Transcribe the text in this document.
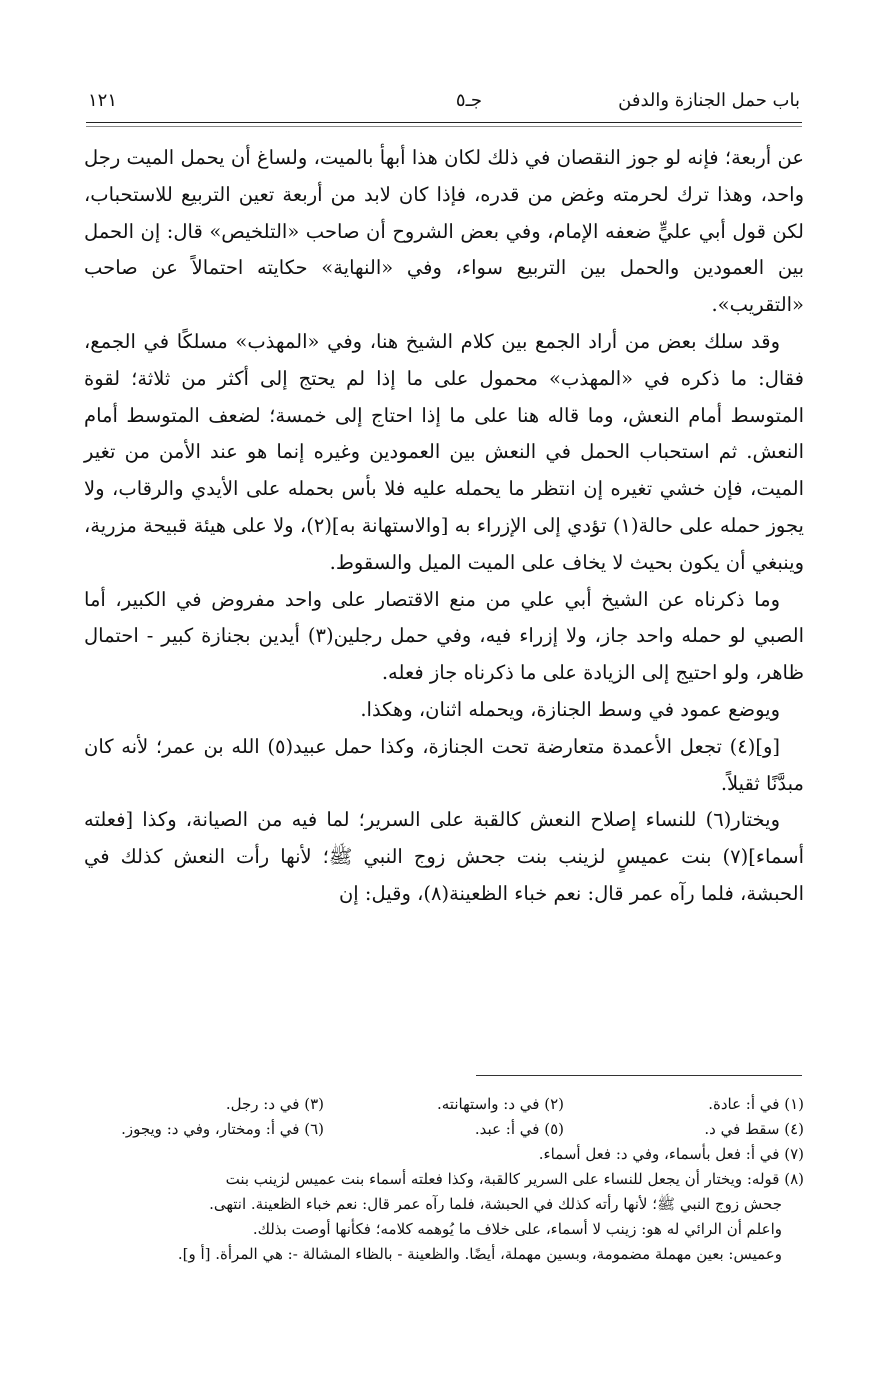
باب حمل الجنازة والدفن
جـ٥
١٢١

عن أربعة؛ فإنه لو جوز النقصان في ذلك لكان هذا أبهأ بالميت، ولساغ أن يحمل الميت رجل واحد، وهذا ترك لحرمته وغض من قدره، فإذا كان لابد من أربعة تعين التربيع للاستحباب، لكن قول أبي عليٍّ ضعفه الإمام، وفي بعض الشروح أن صاحب «التلخيص» قال: إن الحمل بين العمودين والحمل بين التربيع سواء، وفي «النهاية» حكايته احتمالاً عن صاحب «التقريب».

وقد سلك بعض من أراد الجمع بين كلام الشيخ هنا، وفي «المهذب» مسلكًا في الجمع، فقال: ما ذكره في «المهذب» محمول على ما إذا لم يحتج إلى أكثر من ثلاثة؛ لقوة المتوسط أمام النعش، وما قاله هنا على ما إذا احتاج إلى خمسة؛ لضعف المتوسط أمام النعش. ثم استحباب الحمل في النعش بين العمودين وغيره إنما هو عند الأمن من تغير الميت، فإن خشي تغيره إن انتظر ما يحمله عليه فلا بأس بحمله على الأيدي والرقاب، ولا يجوز حمله على حالة(١) تؤدي إلى الإزراء به [والاستهانة به](٢)، ولا على هيئة قبيحة مزرية، وينبغي أن يكون بحيث لا يخاف على الميت الميل والسقوط.

وما ذكرناه عن الشيخ أبي علي من منع الاقتصار على واحد مفروض في الكبير، أما الصبي لو حمله واحد جاز، ولا إزراء فيه، وفي حمل رجلين(٣) أيدين بجنازة كبير - احتمال ظاهر، ولو احتيج إلى الزيادة على ما ذكرناه جاز فعله.

ويوضع عمود في وسط الجنازة، ويحمله اثنان، وهكذا.

[و](٤) تجعل الأعمدة متعارضة تحت الجنازة، وكذا حمل عبيد(٥) الله بن عمر؛ لأنه كان مبدَّنًا ثقيلاً.

ويختار(٦) للنساء إصلاح النعش كالقبة على السرير؛ لما فيه من الصيانة، وكذا [فعلته أسماء](٧) بنت عميسٍ لزينب بنت جحش زوج النبي ﷺ؛ لأنها رأت النعش كذلك في الحبشة، فلما رآه عمر قال: نعم خباء الظعينة(٨)، وقيل: إن

(١) في أ: عادة.
(٢) في د: واستهانته.
(٣) في د: رجل.
(٤) سقط في د.
(٥) في أ: عبد.
(٦) في أ: ومختار، وفي د: ويجوز.
(٧) في أ: فعل بأسماء، وفي د: فعل أسماء.

(٨) قوله: ويختار أن يجعل للنساء على السرير كالقبة، وكذا فعلته أسماء بنت عميس لزينب بنت

جحش زوج النبي ﷺ؛ لأنها رأته كذلك في الحبشة، فلما رآه عمر قال: نعم خباء الظعينة. انتهى.

واعلم أن الرائي له هو: زينب لا أسماء، على خلاف ما يُوهمه كلامه؛ فكأنها أوصت بذلك.

وعميس: بعين مهملة مضمومة، وبسين مهملة، أيضًا. والظعينة - بالظاء المشالة -: هي المرأة. [أ و].
